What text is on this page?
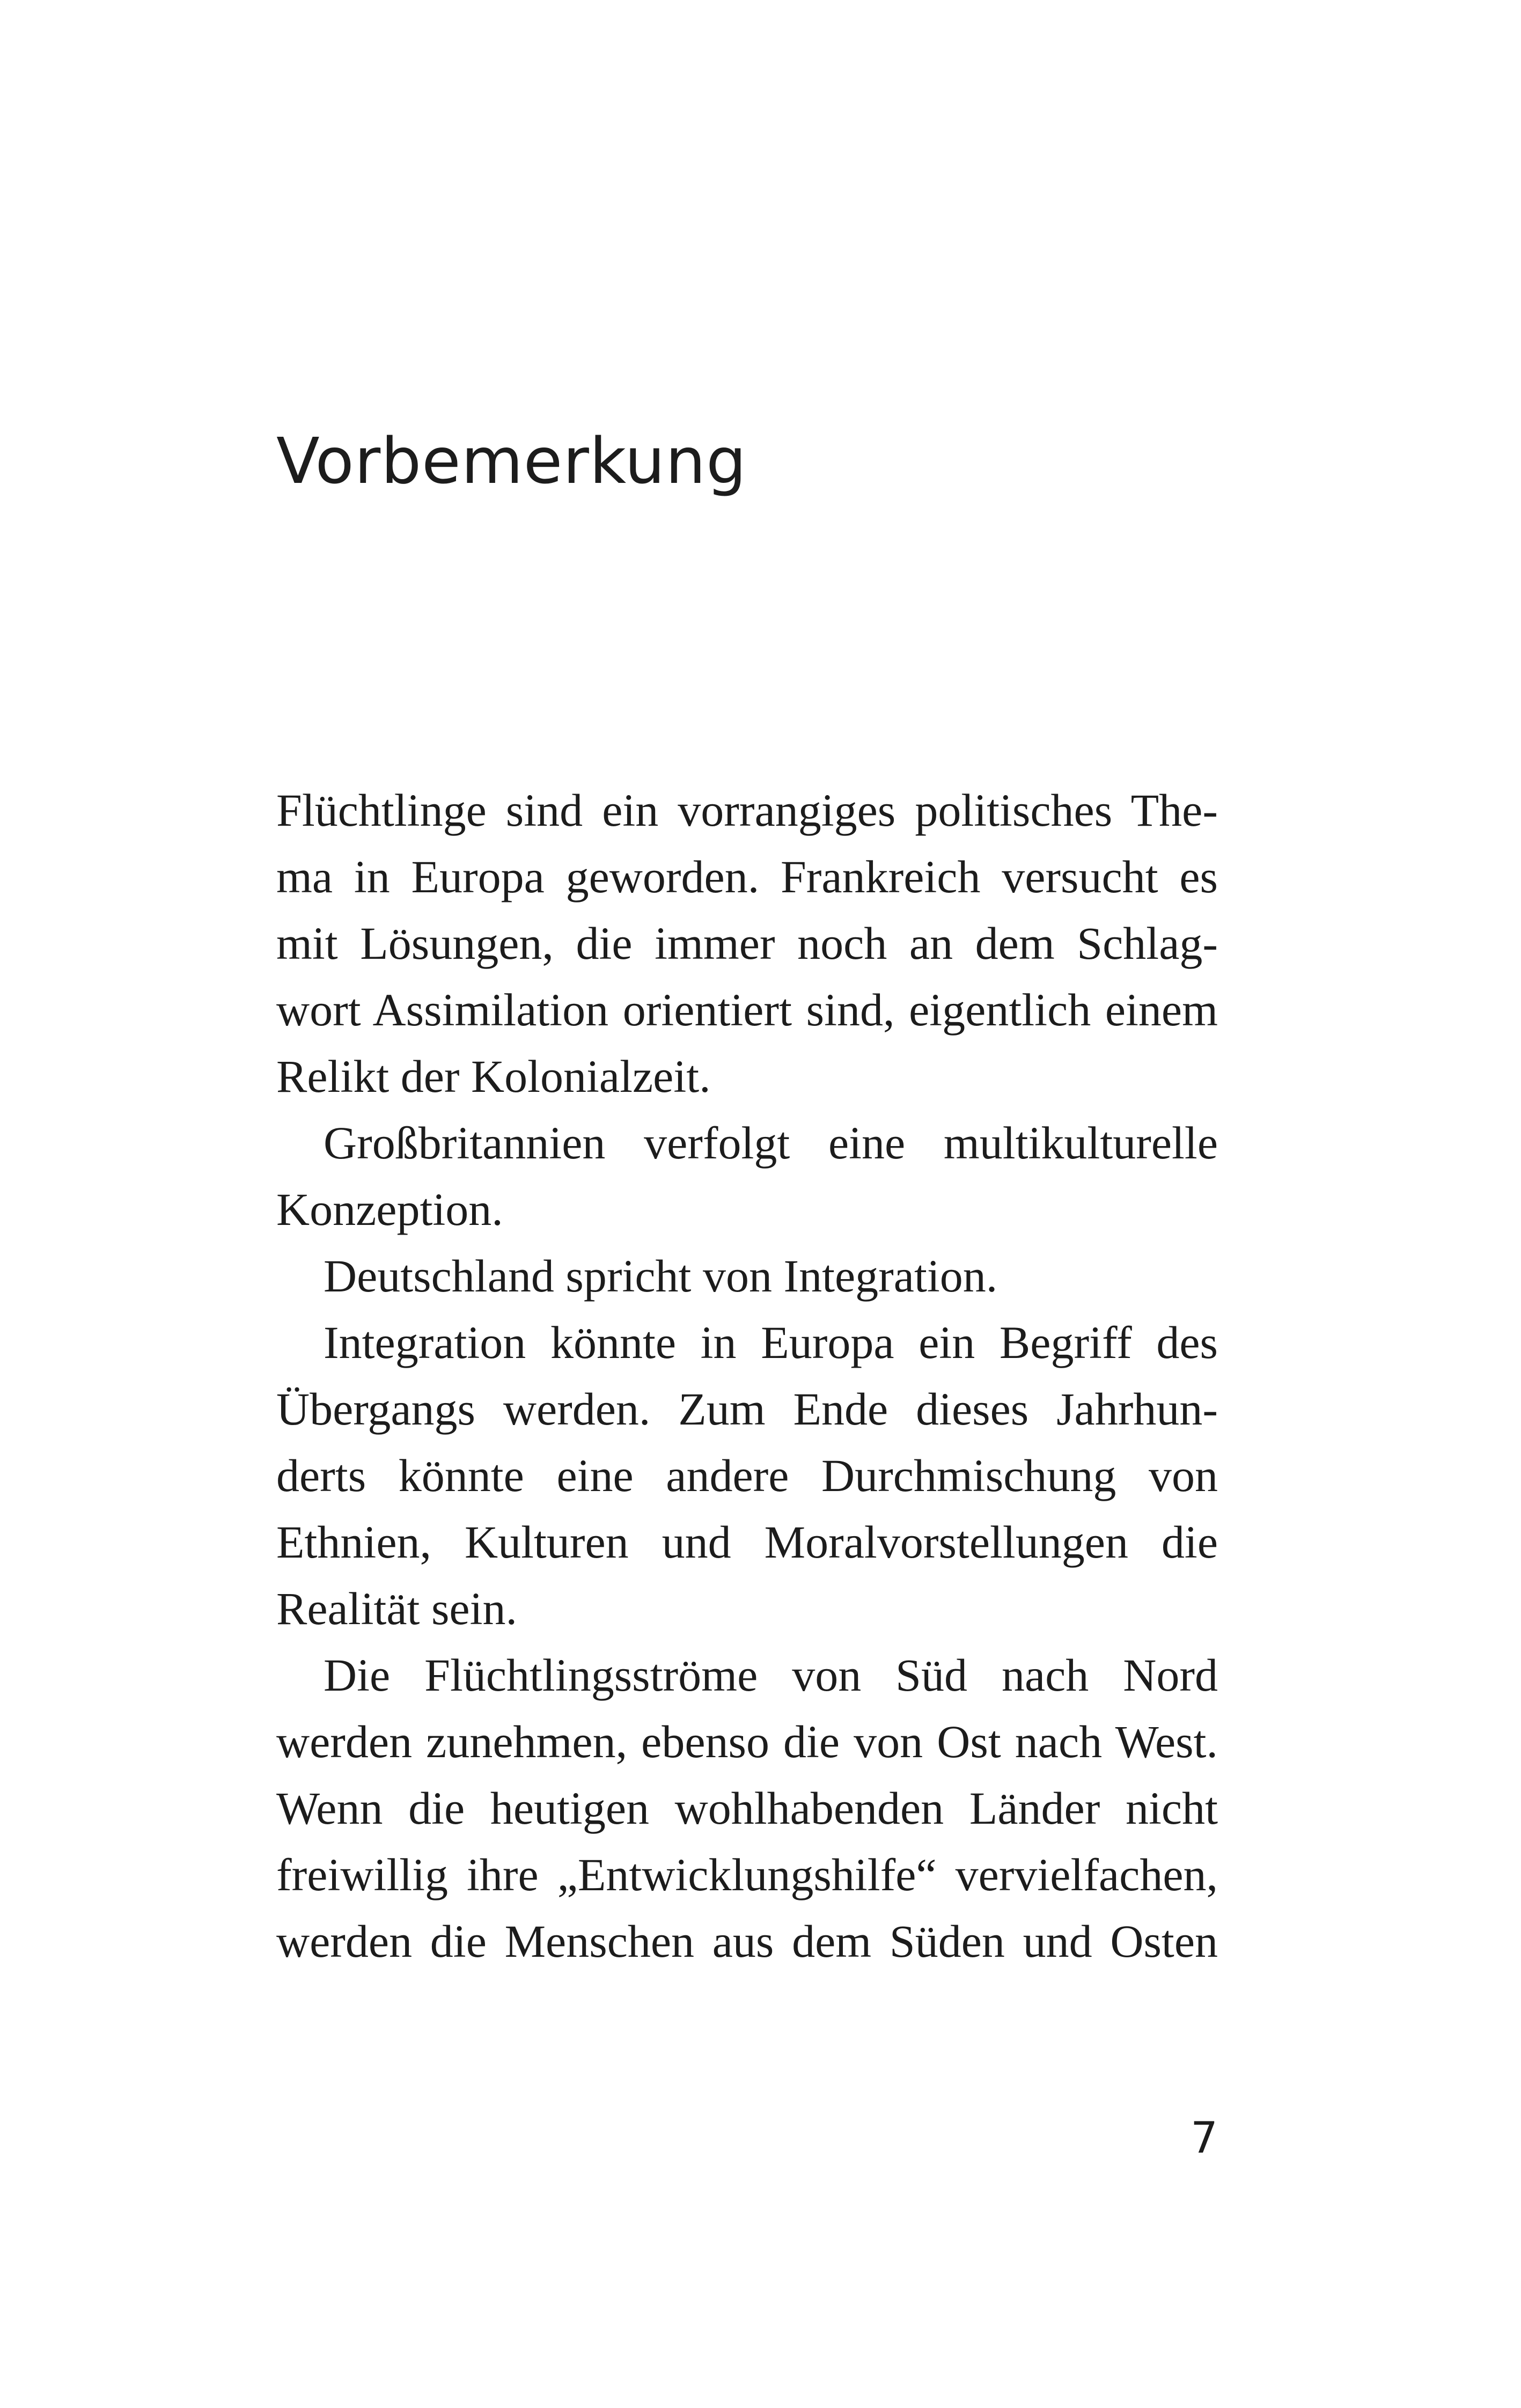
Vorbemerkung
Flüchtlinge sind ein vorrangiges politisches The-
ma in Europa geworden. Frankreich versucht es
mit Lösungen, die immer noch an dem Schlag-
wort Assimilation orientiert sind, eigentlich einem
Relikt der Kolonialzeit.
Großbritannien verfolgt eine multikulturelle
Konzeption.
Deutschland spricht von Integration.
Integration könnte in Europa ein Begriff des
Übergangs werden. Zum Ende dieses Jahrhun-
derts könnte eine andere Durchmischung von
Ethnien, Kulturen und Moralvorstellungen die
Realität sein.
Die Flüchtlingsströme von Süd nach Nord
werden zunehmen, ebenso die von Ost nach West.
Wenn die heutigen wohlhabenden Länder nicht
freiwillig ihre „Entwicklungshilfe“ vervielfachen,
werden die Menschen aus dem Süden und Osten
7
